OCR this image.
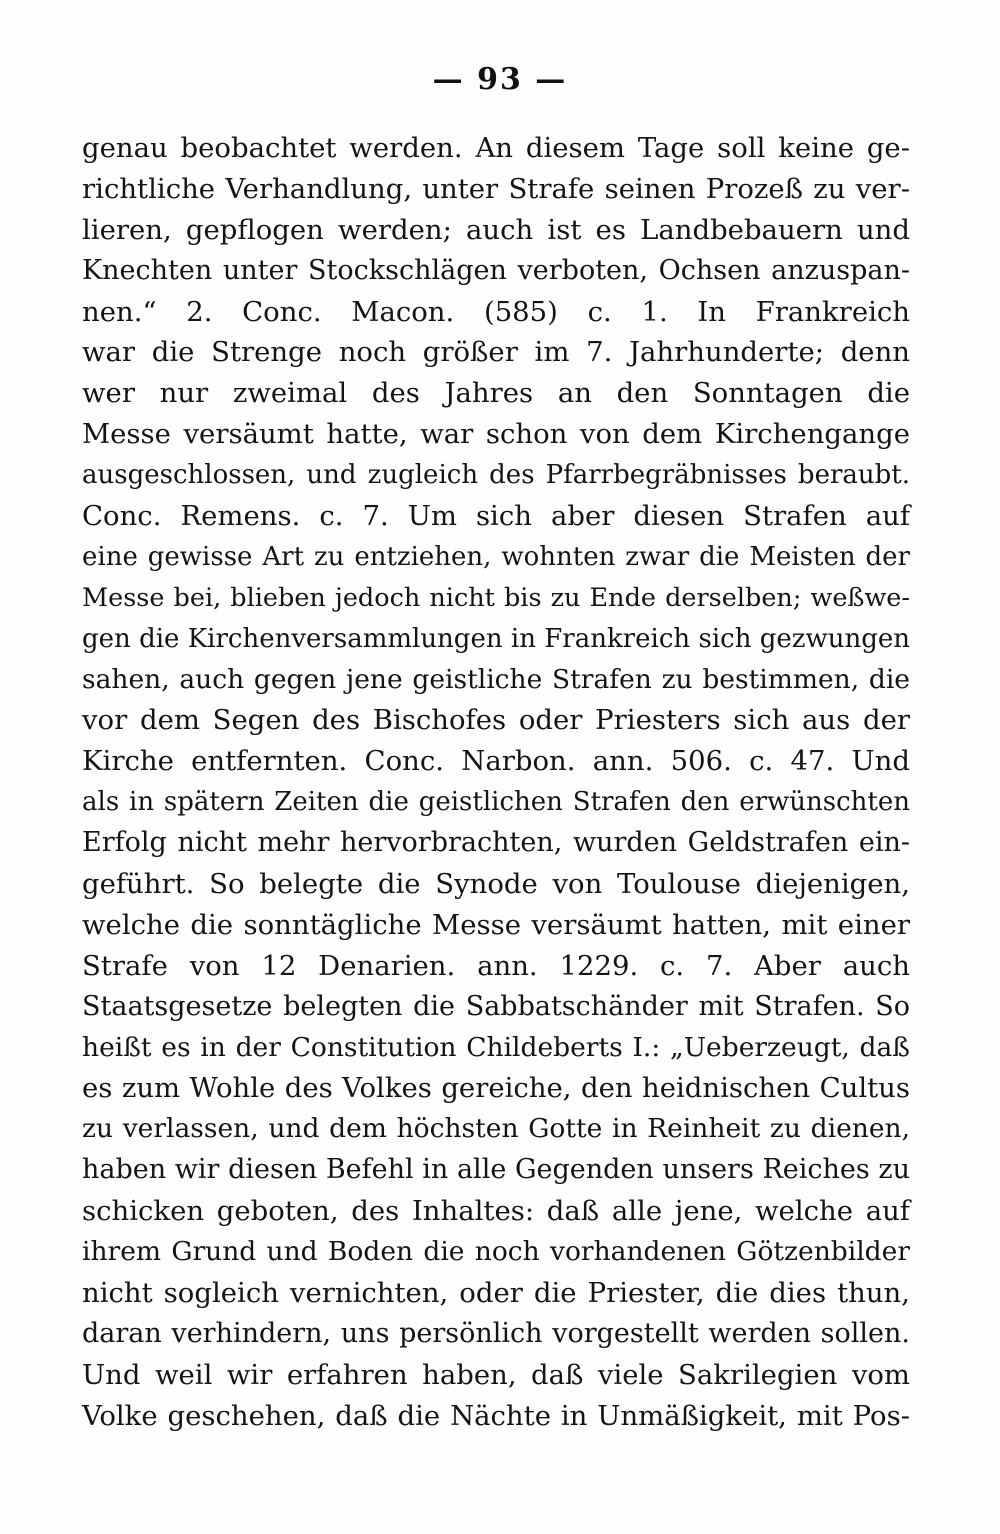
— 93 —
genau beobachtet werden. An diesem Tage soll keine ge-
richtliche Verhandlung, unter Strafe seinen Prozeß zu ver-
lieren, gepflogen werden; auch ist es Landbebauern und
Knechten unter Stockschlägen verboten, Ochsen anzuspan-
nen.“ 2. Conc. Macon. (585) c. 1. In Frankreich
war die Strenge noch größer im 7. Jahrhunderte; denn
wer nur zweimal des Jahres an den Sonntagen die
Messe versäumt hatte, war schon von dem Kirchengange
ausgeschlossen, und zugleich des Pfarrbegräbnisses beraubt.
Conc. Remens. c. 7. Um sich aber diesen Strafen auf
eine gewisse Art zu entziehen, wohnten zwar die Meisten der
Messe bei, blieben jedoch nicht bis zu Ende derselben; weßwe-
gen die Kirchenversammlungen in Frankreich sich gezwungen
sahen, auch gegen jene geistliche Strafen zu bestimmen, die
vor dem Segen des Bischofes oder Priesters sich aus der
Kirche entfernten. Conc. Narbon. ann. 506. c. 47. Und
als in spätern Zeiten die geistlichen Strafen den erwünschten
Erfolg nicht mehr hervorbrachten, wurden Geldstrafen ein-
geführt. So belegte die Synode von Toulouse diejenigen,
welche die sonntägliche Messe versäumt hatten, mit einer
Strafe von 12 Denarien. ann. 1229. c. 7. Aber auch
Staatsgesetze belegten die Sabbatschänder mit Strafen. So
heißt es in der Constitution Childeberts I.: „Ueberzeugt, daß
es zum Wohle des Volkes gereiche, den heidnischen Cultus
zu verlassen, und dem höchsten Gotte in Reinheit zu dienen,
haben wir diesen Befehl in alle Gegenden unsers Reiches zu
schicken geboten, des Inhaltes: daß alle jene, welche auf
ihrem Grund und Boden die noch vorhandenen Götzenbilder
nicht sogleich vernichten, oder die Priester, die dies thun,
daran verhindern, uns persönlich vorgestellt werden sollen.
Und weil wir erfahren haben, daß viele Sakrilegien vom
Volke geschehen, daß die Nächte in Unmäßigkeit, mit Pos-
